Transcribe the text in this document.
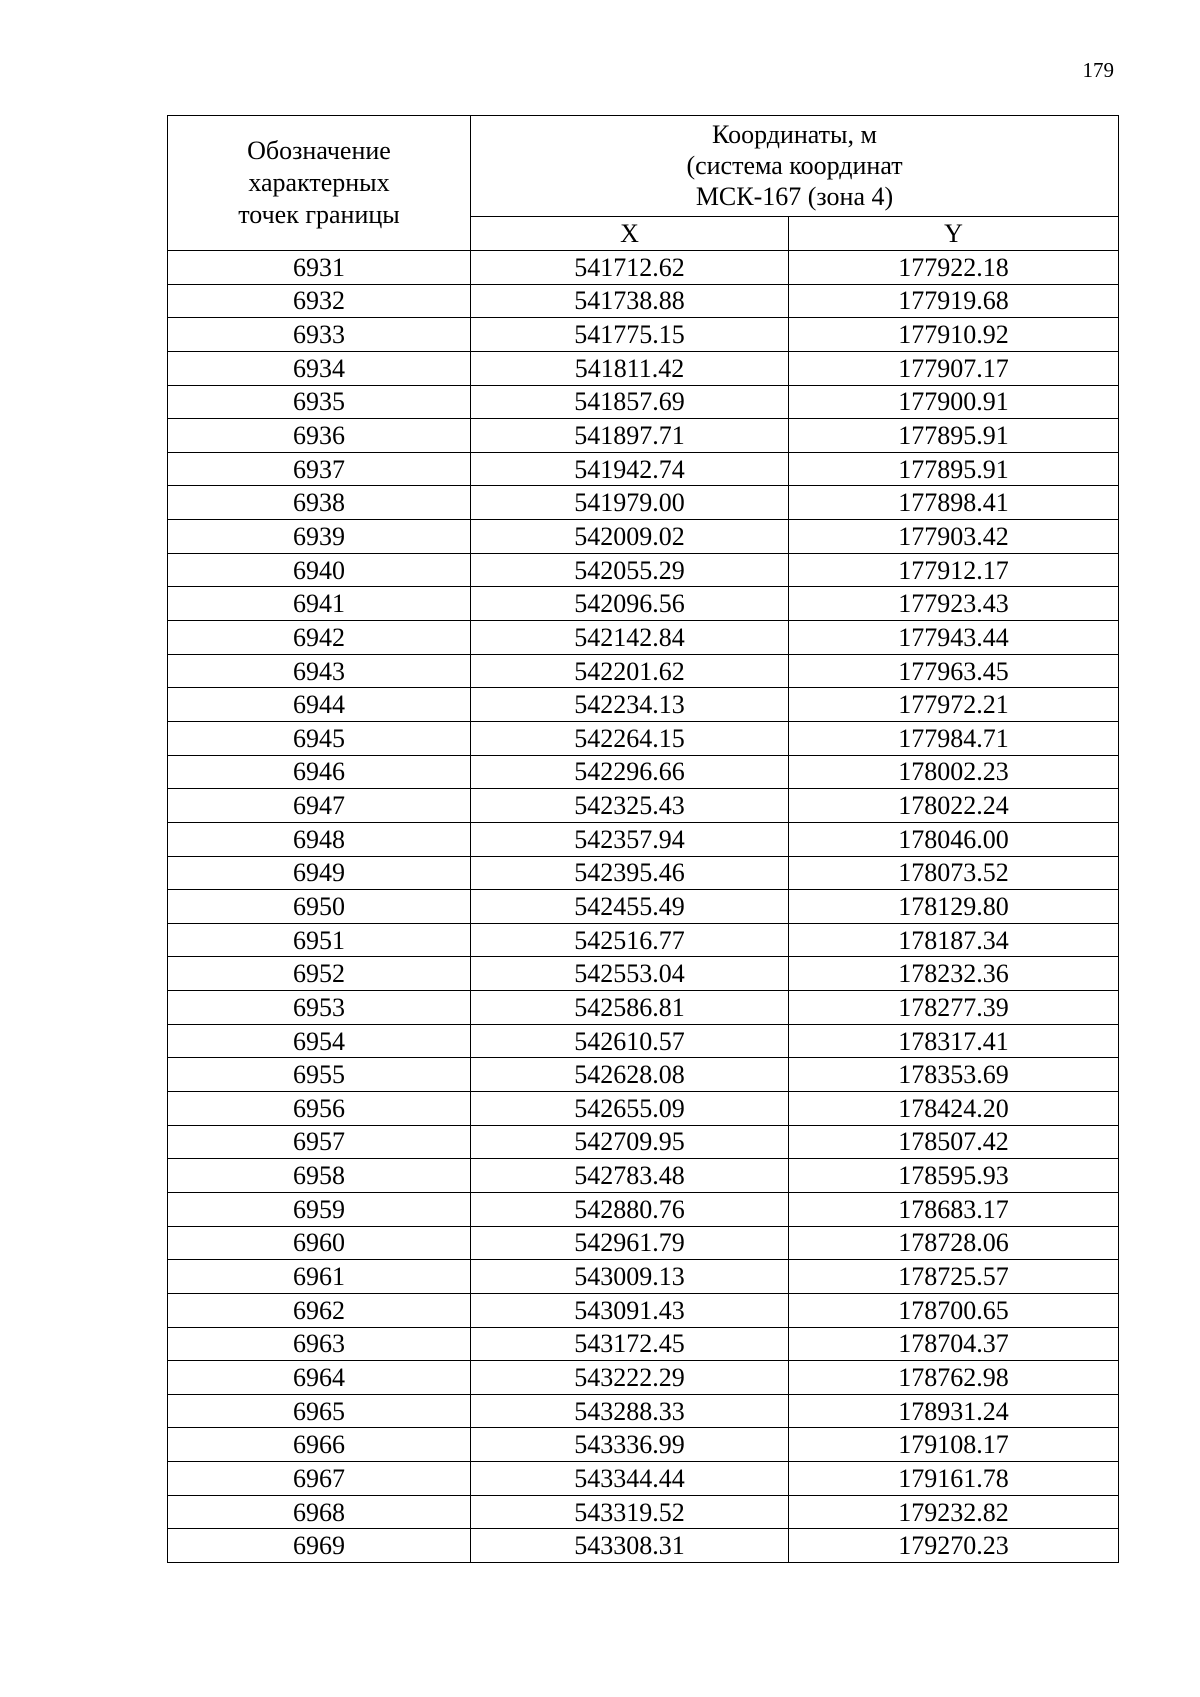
179
Обозначение
характерных
точек границы	Координаты, м
(система координат
МСК-167 (зона 4)	

	X	Y
6931	541712.62	177922.18
6932	541738.88	177919.68
6933	541775.15	177910.92
6934	541811.42	177907.17
6935	541857.69	177900.91
6936	541897.71	177895.91
6937	541942.74	177895.91
6938	541979.00	177898.41
6939	542009.02	177903.42
6940	542055.29	177912.17
6941	542096.56	177923.43
6942	542142.84	177943.44
6943	542201.62	177963.45
6944	542234.13	177972.21
6945	542264.15	177984.71
6946	542296.66	178002.23
6947	542325.43	178022.24
6948	542357.94	178046.00
6949	542395.46	178073.52
6950	542455.49	178129.80
6951	542516.77	178187.34
6952	542553.04	178232.36
6953	542586.81	178277.39
6954	542610.57	178317.41
6955	542628.08	178353.69
6956	542655.09	178424.20
6957	542709.95	178507.42
6958	542783.48	178595.93
6959	542880.76	178683.17
6960	542961.79	178728.06
6961	543009.13	178725.57
6962	543091.43	178700.65
6963	543172.45	178704.37
6964	543222.29	178762.98
6965	543288.33	178931.24
6966	543336.99	179108.17
6967	543344.44	179161.78
6968	543319.52	179232.82
6969	543308.31	179270.23
